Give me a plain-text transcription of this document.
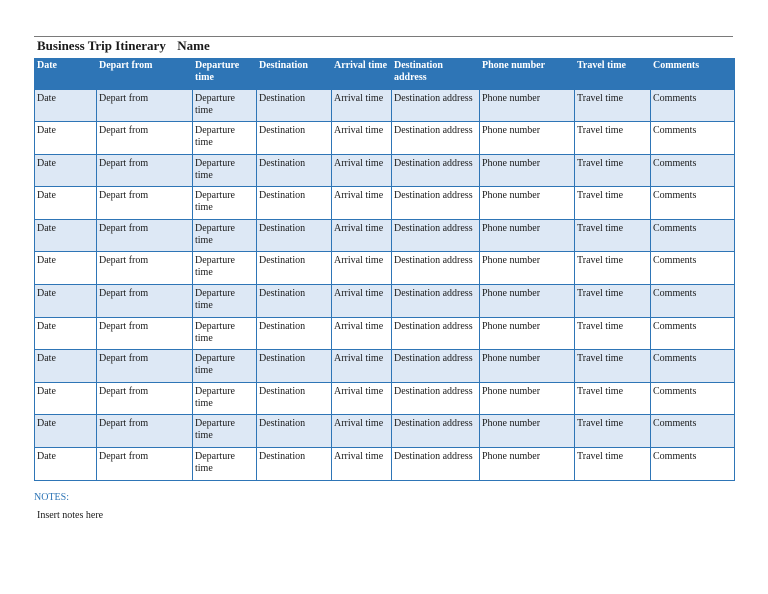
Business Trip Itinerary Name
Date	Depart from	Departure time	Destination	Arrival time	Destination address	Phone number	Travel time	Comments
Date	Depart from	Departure time	Destination	Arrival time	Destination address	Phone number	Travel time	Comments
Date	Depart from	Departure time	Destination	Arrival time	Destination address	Phone number	Travel time	Comments
Date	Depart from	Departure time	Destination	Arrival time	Destination address	Phone number	Travel time	Comments
Date	Depart from	Departure time	Destination	Arrival time	Destination address	Phone number	Travel time	Comments
Date	Depart from	Departure time	Destination	Arrival time	Destination address	Phone number	Travel time	Comments
Date	Depart from	Departure time	Destination	Arrival time	Destination address	Phone number	Travel time	Comments
Date	Depart from	Departure time	Destination	Arrival time	Destination address	Phone number	Travel time	Comments
Date	Depart from	Departure time	Destination	Arrival time	Destination address	Phone number	Travel time	Comments
Date	Depart from	Departure time	Destination	Arrival time	Destination address	Phone number	Travel time	Comments
Date	Depart from	Departure time	Destination	Arrival time	Destination address	Phone number	Travel time	Comments
Date	Depart from	Departure time	Destination	Arrival time	Destination address	Phone number	Travel time	Comments
Date	Depart from	Departure time	Destination	Arrival time	Destination address	Phone number	Travel time	Comments
NOTES:
Insert notes here
